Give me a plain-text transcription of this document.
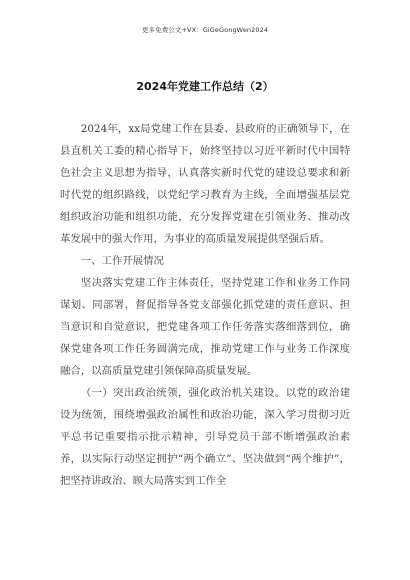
更多免费公文+VX：GiGeGongWen2024
2024年党建工作总结（2）

2024年，xx局党建工作在县委、县政府的正确领导下，在县直机关工委的精心指导下，始终坚持以习近平新时代中国特色社会主义思想为指导，认真落实新时代党的建设总要求和新时代党的组织路线，以党纪学习教育为主线，全面增强基层党组织政治功能和组织功能，充分发挥党建在引领业务、推动改革发展中的强大作用，为事业的高质量发展提供坚强后盾。

一、工作开展情况

坚决落实党建工作主体责任，坚持党建工作和业务工作同谋划、同部署，督促指导各党支部强化抓党建的责任意识、担当意识和自觉意识，把党建各项工作任务落实落细落到位，确保党建各项工作任务圆满完成，推动党建工作与业务工作深度融合，以高质量党建引领保障高质量发展。

（一）突出政治统领，强化政治机关建设。以党的政治建设为统领，围绕增强政治属性和政治功能，深入学习贯彻习近平总书记重要指示批示精神，引导党员干部不断增强政治素养，以实际行动坚定拥护“两个确立”、坚决做到“两个维护”，把坚持讲政治、顾大局落实到工作全
